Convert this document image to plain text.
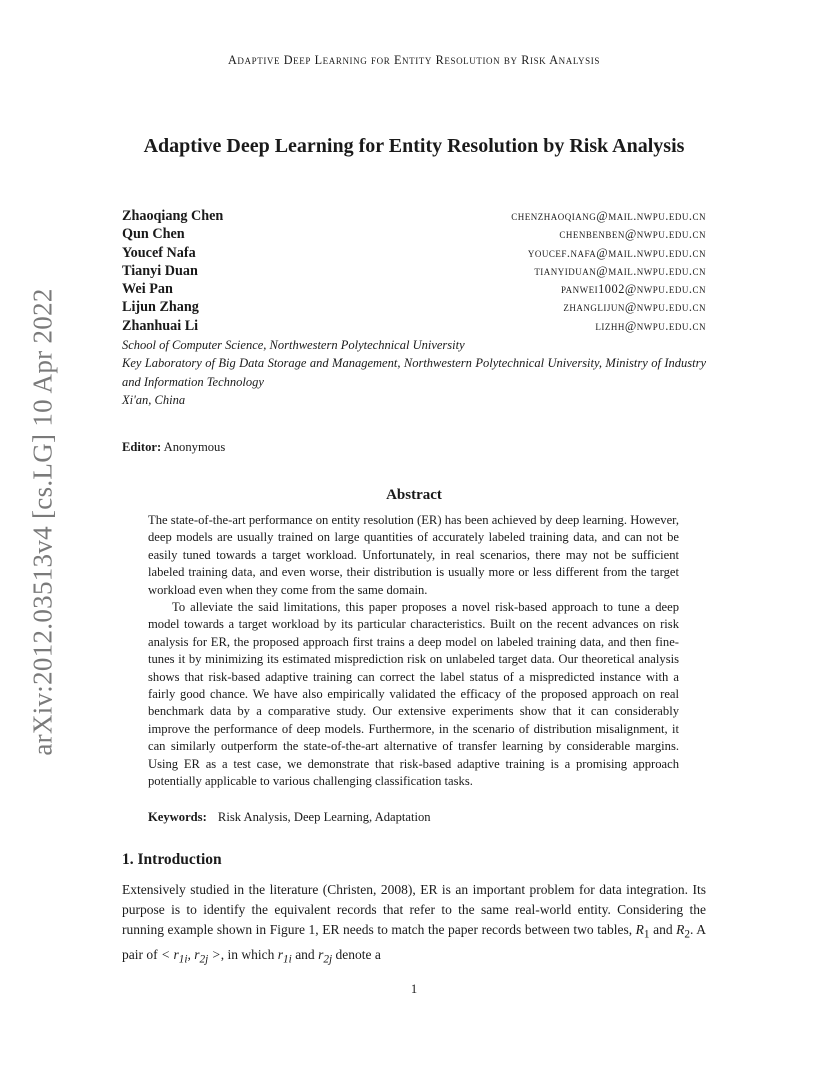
arXiv:2012.03513v4 [cs.LG] 10 Apr 2022
Adaptive Deep Learning for Entity Resolution by Risk Analysis
Adaptive Deep Learning for Entity Resolution by Risk Analysis
Zhaoqiang Chen	chenzhaoqiang@mail.nwpu.edu.cn
Qun Chen	chenbenben@nwpu.edu.cn
Youcef Nafa	youcef.nafa@mail.nwpu.edu.cn
Tianyi Duan	tianyiduan@mail.nwpu.edu.cn
Wei Pan	panwei1002@nwpu.edu.cn
Lijun Zhang	zhanglijun@nwpu.edu.cn
Zhanhuai Li	lizhh@nwpu.edu.cn
School of Computer Science, Northwestern Polytechnical University
Key Laboratory of Big Data Storage and Management, Northwestern Polytechnical University, Ministry of Industry and Information Technology
Xi'an, China
Editor: Anonymous
Abstract

The state-of-the-art performance on entity resolution (ER) has been achieved by deep learning. However, deep models are usually trained on large quantities of accurately labeled training data, and can not be easily tuned towards a target workload. Unfortunately, in real scenarios, there may not be sufficient labeled training data, and even worse, their distribution is usually more or less different from the target workload even when they come from the same domain.

To alleviate the said limitations, this paper proposes a novel risk-based approach to tune a deep model towards a target workload by its particular characteristics. Built on the recent advances on risk analysis for ER, the proposed approach first trains a deep model on labeled training data, and then fine-tunes it by minimizing its estimated misprediction risk on unlabeled target data. Our theoretical analysis shows that risk-based adaptive training can correct the label status of a mispredicted instance with a fairly good chance. We have also empirically validated the efficacy of the proposed approach on real benchmark data by a comparative study. Our extensive experiments show that it can considerably improve the performance of deep models. Furthermore, in the scenario of distribution misalignment, it can similarly outperform the state-of-the-art alternative of transfer learning by considerable margins. Using ER as a test case, we demonstrate that risk-based adaptive training is a promising approach potentially applicable to various challenging classification tasks.

Keywords: Risk Analysis, Deep Learning, Adaptation
1. Introduction

Extensively studied in the literature (Christen, 2008), ER is an important problem for data integration. Its purpose is to identify the equivalent records that refer to the same real-world entity. Considering the running example shown in Figure 1, ER needs to match the paper records between two tables, $R_1$ and $R_2$. A pair of < $r_{1i}$, $r_{2j}$ >, in which $r_{1i}$ and $r_{2j}$ denote a

1
